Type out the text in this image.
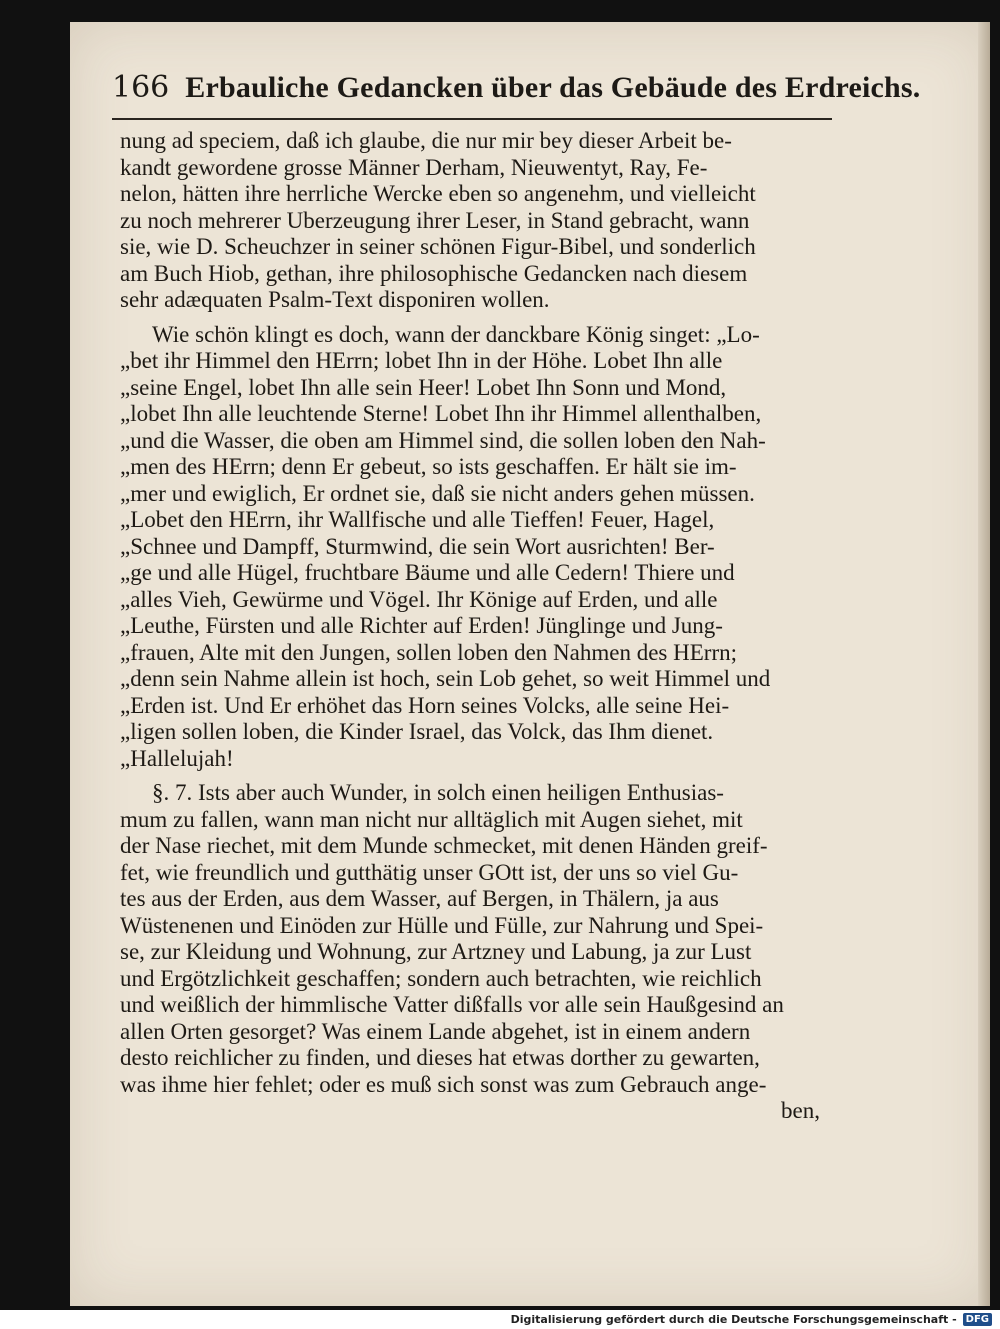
166 Erbauliche Gedancken über das Gebäude des Erdreichs.
nung ad speciem, daß ich glaube, die nur mir bey dieser Arbeit be-
kandt gewordene grosse Männer Derham, Nieuwentyt, Ray, Fe-
nelon, hätten ihre herrliche Wercke eben so angenehm, und vielleicht
zu noch mehrerer Uberzeugung ihrer Leser, in Stand gebracht, wann
sie, wie D. Scheuchzer in seiner schönen Figur-Bibel, und sonderlich
am Buch Hiob, gethan, ihre philosophische Gedancken nach diesem
sehr adæquaten Psalm-Text disponiren wollen.
Wie schön klingt es doch, wann der danckbare König singet: „Lo-
„bet ihr Himmel den HErrn; lobet Ihn in der Höhe. Lobet Ihn alle
„seine Engel, lobet Ihn alle sein Heer! Lobet Ihn Sonn und Mond,
„lobet Ihn alle leuchtende Sterne! Lobet Ihn ihr Himmel allenthalben,
„und die Wasser, die oben am Himmel sind, die sollen loben den Nah-
„men des HErrn; denn Er gebeut, so ists geschaffen. Er hält sie im-
„mer und ewiglich, Er ordnet sie, daß sie nicht anders gehen müssen.
„Lobet den HErrn, ihr Wallfische und alle Tieffen! Feuer, Hagel,
„Schnee und Dampff, Sturmwind, die sein Wort ausrichten! Ber-
„ge und alle Hügel, fruchtbare Bäume und alle Cedern! Thiere und
„alles Vieh, Gewürme und Vögel. Ihr Könige auf Erden, und alle
„Leuthe, Fürsten und alle Richter auf Erden! Jünglinge und Jung-
„frauen, Alte mit den Jungen, sollen loben den Nahmen des HErrn;
„denn sein Nahme allein ist hoch, sein Lob gehet, so weit Himmel und
„Erden ist. Und Er erhöhet das Horn seines Volcks, alle seine Hei-
„ligen sollen loben, die Kinder Israel, das Volck, das Ihm dienet.
„Hallelujah!
§. 7. Ists aber auch Wunder, in solch einen heiligen Enthusias-
mum zu fallen, wann man nicht nur alltäglich mit Augen siehet, mit
der Nase riechet, mit dem Munde schmecket, mit denen Händen greif-
fet, wie freundlich und gutthätig unser GOtt ist, der uns so viel Gu-
tes aus der Erden, aus dem Wasser, auf Bergen, in Thälern, ja aus
Wüstenenen und Einöden zur Hülle und Fülle, zur Nahrung und Spei-
se, zur Kleidung und Wohnung, zur Artzney und Labung, ja zur Lust
und Ergötzlichkeit geschaffen; sondern auch betrachten, wie reichlich
und weißlich der himmlische Vatter dißfalls vor alle sein Haußgesind an
allen Orten gesorget? Was einem Lande abgehet, ist in einem andern
desto reichlicher zu finden, und dieses hat etwas dorther zu gewarten,
was ihme hier fehlet; oder es muß sich sonst was zum Gebrauch ange-
ben,
Digitalisierung gefördert durch die Deutsche Forschungsgemeinschaft - DFG
